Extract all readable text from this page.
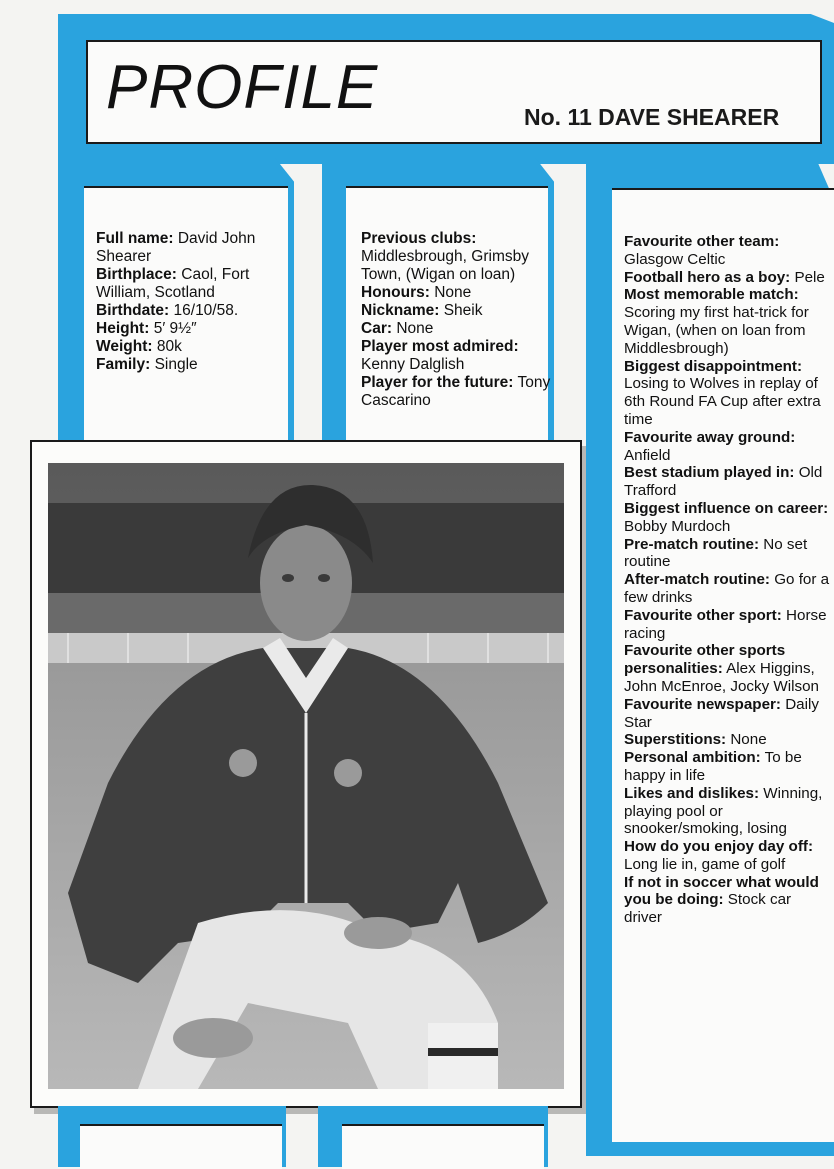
PROFILE	No. 11 DAVE SHEARER

Full name: David John Shearer

Birthplace: Caol, Fort William, Scotland

Birthdate: 16/10/58.

Height: 5′ 9½″

Weight: 80k

Family: Single

Previous clubs: Middlesbrough, Grimsby Town, (Wigan on loan)

Honours: None

Nickname: Sheik

Car: None

Player most admired: Kenny Dalglish

Player for the future: Tony Cascarino

Favourite other team: Glasgow Celtic

Football hero as a boy: Pele

Most memorable match: Scoring my first hat-trick for Wigan, (when on loan from Middlesbrough)

Biggest disappointment: Losing to Wolves in replay of 6th Round FA Cup after extra time

Favourite away ground: Anfield

Best stadium played in: Old Trafford

Biggest influence on career: Bobby Murdoch

Pre-match routine: No set routine

After-match routine: Go for a few drinks

Favourite other sport: Horse racing

Favourite other sports personalities: Alex Higgins, John McEnroe, Jocky Wilson

Favourite newspaper: Daily Star

Superstitions: None

Personal ambition: To be happy in life

Likes and dislikes: Winning, playing pool or snooker/smoking, losing

How do you enjoy day off: Long lie in, game of golf

If not in soccer what would you be doing: Stock car driver
